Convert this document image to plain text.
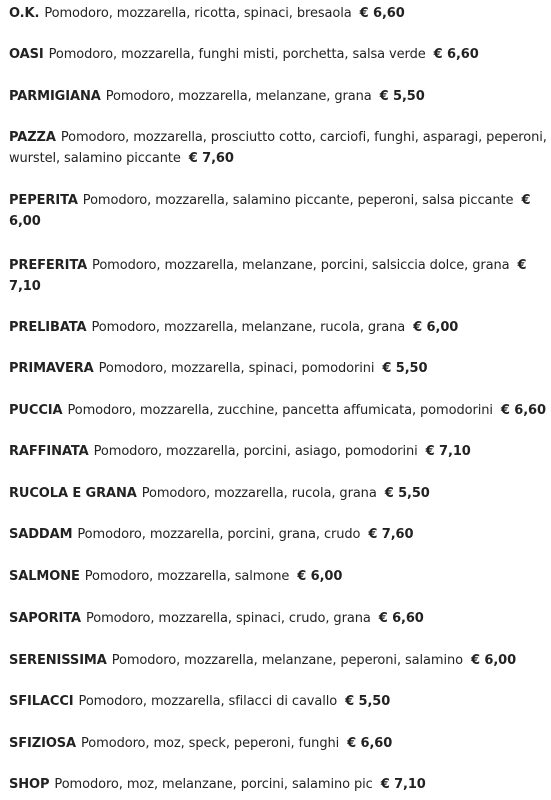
O.K. Pomodoro, mozzarella, ricotta, spinaci, bresaola € 6,60
OASI Pomodoro, mozzarella, funghi misti, porchetta, salsa verde € 6,60
PARMIGIANA Pomodoro, mozzarella, melanzane, grana € 5,50
PAZZA Pomodoro, mozzarella, prosciutto cotto, carciofi, funghi, asparagi, peperoni, wurstel, salamino piccante € 7,60
PEPERITA Pomodoro, mozzarella, salamino piccante, peperoni, salsa piccante € 6,00
PREFERITA Pomodoro, mozzarella, melanzane, porcini, salsiccia dolce, grana € 7,10
PRELIBATA Pomodoro, mozzarella, melanzane, rucola, grana € 6,00
PRIMAVERA Pomodoro, mozzarella, spinaci, pomodorini € 5,50
PUCCIA Pomodoro, mozzarella, zucchine, pancetta affumicata, pomodorini € 6,60
RAFFINATA Pomodoro, mozzarella, porcini, asiago, pomodorini € 7,10
RUCOLA E GRANA Pomodoro, mozzarella, rucola, grana € 5,50
SADDAM Pomodoro, mozzarella, porcini, grana, crudo € 7,60
SALMONE Pomodoro, mozzarella, salmone € 6,00
SAPORITA Pomodoro, mozzarella, spinaci, crudo, grana € 6,60
SERENISSIMA Pomodoro, mozzarella, melanzane, peperoni, salamino € 6,00
SFILACCI Pomodoro, mozzarella, sfilacci di cavallo € 5,50
SFIZIOSA Pomodoro, moz, speck, peperoni, funghi € 6,60
SHOP Pomodoro, moz, melanzane, porcini, salamino pic € 7,10
